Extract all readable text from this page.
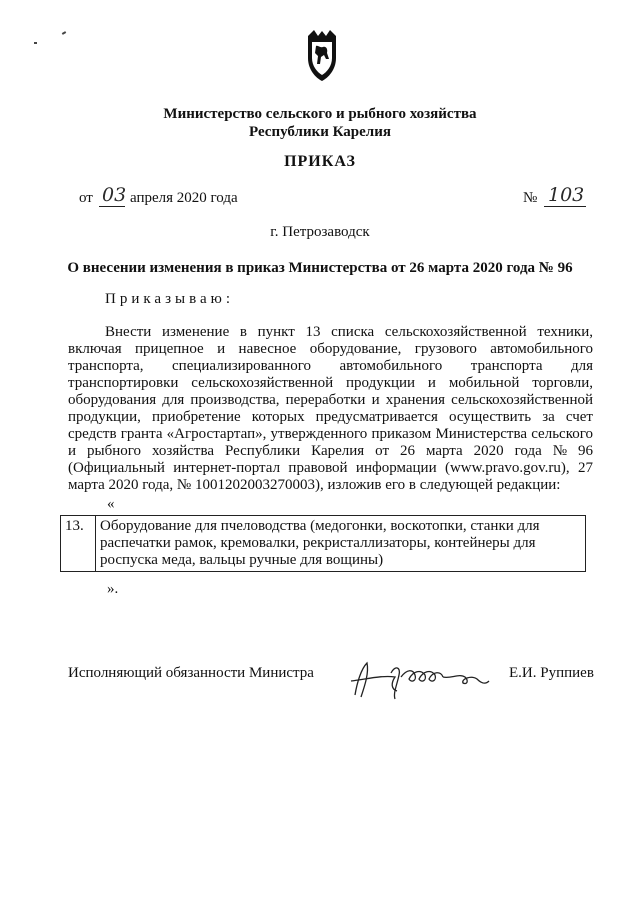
Министерство сельского и рыбного хозяйства
Республики Карелия
ПРИКАЗ
от 03 апреля 2020 года	№ 103
г. Петрозаводск
О внесении изменения в приказ Министерства от 26 марта 2020 года № 96
Приказываю:
Внести изменение в пункт 13 списка сельскохозяйственной техники,
включая прицепное и навесное оборудование, грузового автомобильного
транспорта, специализированного автомобильного транспорта для
транспортировки сельскохозяйственной продукции и мобильной торговли,
оборудования для производства, переработки и хранения сельскохозяйственной
продукции, приобретение которых предусматривается осуществить за счет
средств гранта «Агростартап», утвержденного приказом Министерства сельского
и рыбного хозяйства Республики Карелия от 26 марта 2020 года № 96
(Официальный интернет-портал правовой информации (www.pravo.gov.ru), 27
марта 2020 года, № 1001202003270003), изложив его в следующей редакции:
«
13.	Оборудование для пчеловодства (медогонки, воскотопки, станки для
распечатки рамок, кремовалки, рекристаллизаторы, контейнеры для
роспуска меда, вальцы ручные для вощины)
».
Исполняющий обязанности Министра	Е.И. Руппиев
